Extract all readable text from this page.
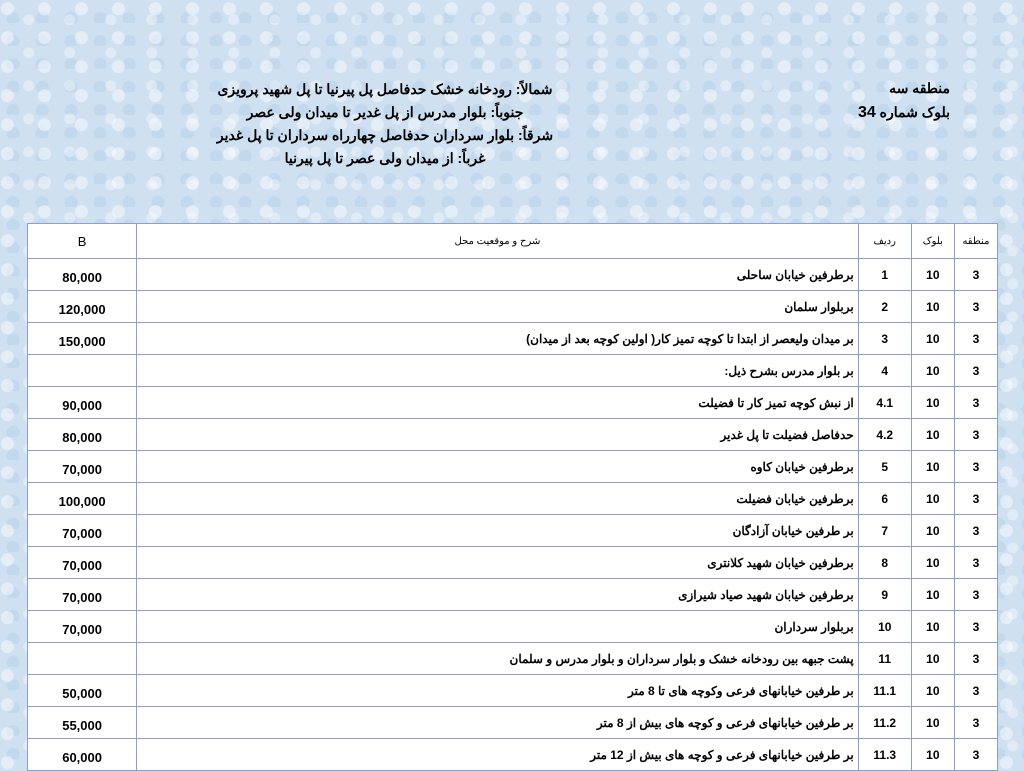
شمالاً: رودخانه خشک حدفاصل پل پیرنیا تا پل شهید پرویزی
جنوباً: بلوار مدرس از پل غدیر تا میدان ولی عصر
شرقاً: بلوار سرداران حدفاصل چهارراه سرداران تا پل غدیر
غرباً: از میدان ولی عصر تا پل پیرنیا
منطقه سه
بلوک شماره 34
B	شرح و موقعیت محل	ردیف	بلوک	منطقه
80,000	برطرفین خیابان ساحلی	1	10	3
120,000	بربلوار سلمان	2	10	3
150,000	بر میدان ولیعصر از ابتدا تا کوچه تمیز کار( اولین کوچه بعد از میدان)	3	10	3
	بر بلوار مدرس بشرح ذیل:	4	10	3
90,000	از نبش کوچه تمیز کار تا فضیلت	4.1	10	3
80,000	حدفاصل فضیلت تا پل غدیر	4.2	10	3
70,000	برطرفین خیابان کاوه	5	10	3
100,000	برطرفین خیابان فضیلت	6	10	3
70,000	بر طرفین خیابان آزادگان	7	10	3
70,000	برطرفین خیابان شهید کلانتری	8	10	3
70,000	برطرفین خیابان شهید صیاد شیرازی	9	10	3
70,000	بربلوار سرداران	10	10	3
	پشت جبهه بین رودخانه خشک و بلوار سرداران و بلوار مدرس و سلمان	11	10	3
50,000	بر طرفین خیابانهای فرعی وکوچه های تا 8 متر	11.1	10	3
55,000	بر طرفین خیابانهای فرعی و کوچه های بیش از 8 متر	11.2	10	3
60,000	بر طرفین خیابانهای فرعی و کوچه های بیش از 12 متر	11.3	10	3
